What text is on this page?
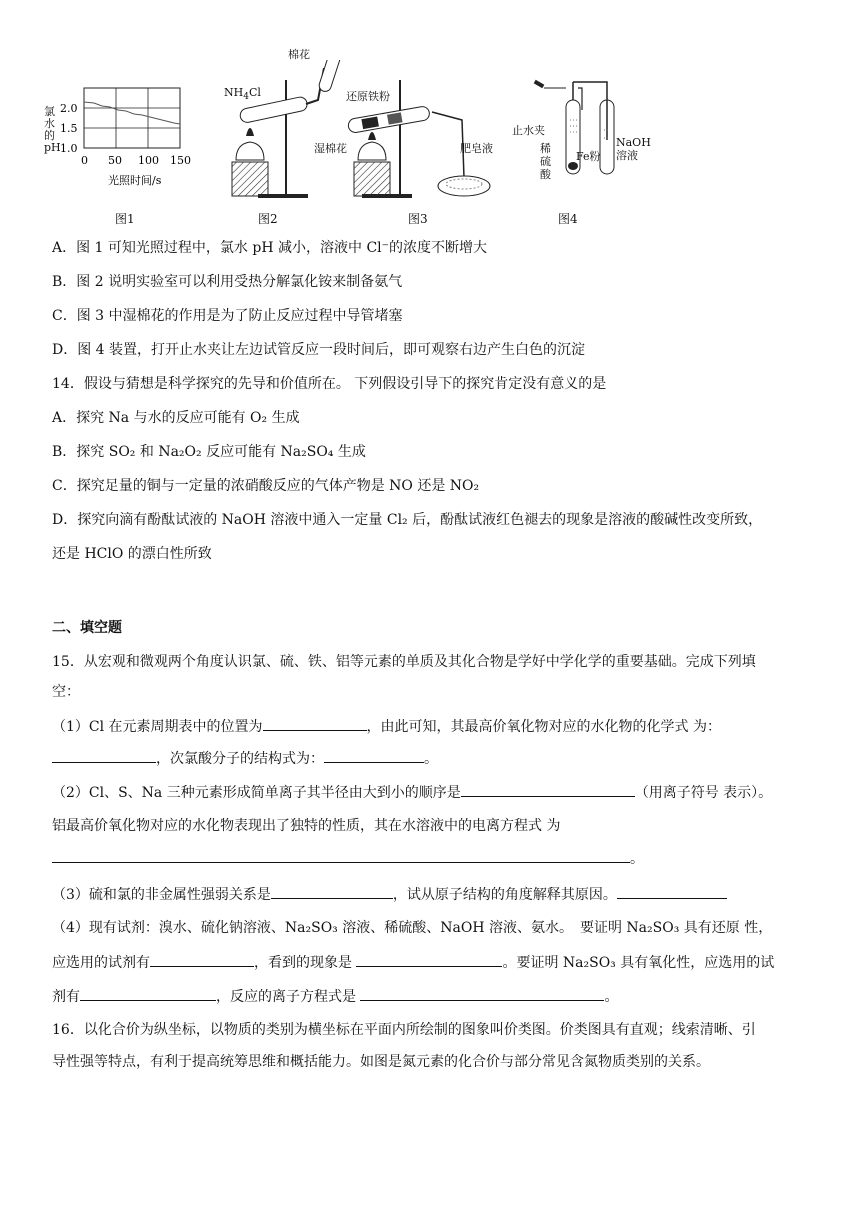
2.0
1.5
1.0
0 50 100 150
光照时间/s
氯水的pH
图1
$NH_4Cl$
棉花
图2
还原铁粉
湿棉花	肥皂液
图3
止水夹
稀
硫
酸
Fe粉
NaOH
溶液
图4
A．图 1 可知光照过程中，氯水 pH 减小，溶液中 Cl⁻的浓度不断增大
B．图 2 说明实验室可以利用受热分解氯化铵来制备氨气
C．图 3 中湿棉花的作用是为了防止反应过程中导管堵塞
D．图 4 装置，打开止水夹让左边试管反应一段时间后，即可观察右边产生白色的沉淀
14．假设与猜想是科学探究的先导和价值所在。 下列假设引导下的探究肯定没有意义的是
A．探究 Na 与水的反应可能有 O₂ 生成
B．探究 SO₂ 和 Na₂O₂ 反应可能有 Na₂SO₄ 生成
C．探究足量的铜与一定量的浓硝酸反应的气体产物是 NO 还是 NO₂
D．探究向滴有酚酞试液的 NaOH 溶液中通入一定量 Cl₂ 后，酚酞试液红色褪去的现象是溶液的酸碱性改变所致，
还是 HClO 的漂白性所致
二、填空题
15．从宏观和微观两个角度认识氯、硫、铁、铝等元素的单质及其化合物是学好中学化学的重要基础。完成下列填
空：
（1）Cl 在元素周期表中的位置为	，由此可知，其最高价氧化物对应的水化物的化学式 为：
，次氯酸分子的结构式为：	。
（2）Cl、S、Na 三种元素形成简单离子其半径由大到小的顺序是	（用离子符号 表示）。
铝最高价氧化物对应的水化物表现出了独特的性质，其在水溶液中的电离方程式 为
。
（3）硫和氯的非金属性强弱关系是	，试从原子结构的角度解释其原因。
（4）现有试剂：溴水、硫化钠溶液、Na₂SO₃ 溶液、稀硫酸、NaOH 溶液、氨水。　要证明 Na₂SO₃ 具有还原 性，
应选用的试剂有	，看到的现象是	。要证明 Na₂SO₃ 具有氧化性，应选用的试
剂有	，反应的离子方程式是	。
16．以化合价为纵坐标，以物质的类别为横坐标在平面内所绘制的图象叫价类图。价类图具有直观；线索清晰、引
导性强等特点，有利于提高统筹思维和概括能力。如图是氮元素的化合价与部分常见含氮物质类别的关系。
